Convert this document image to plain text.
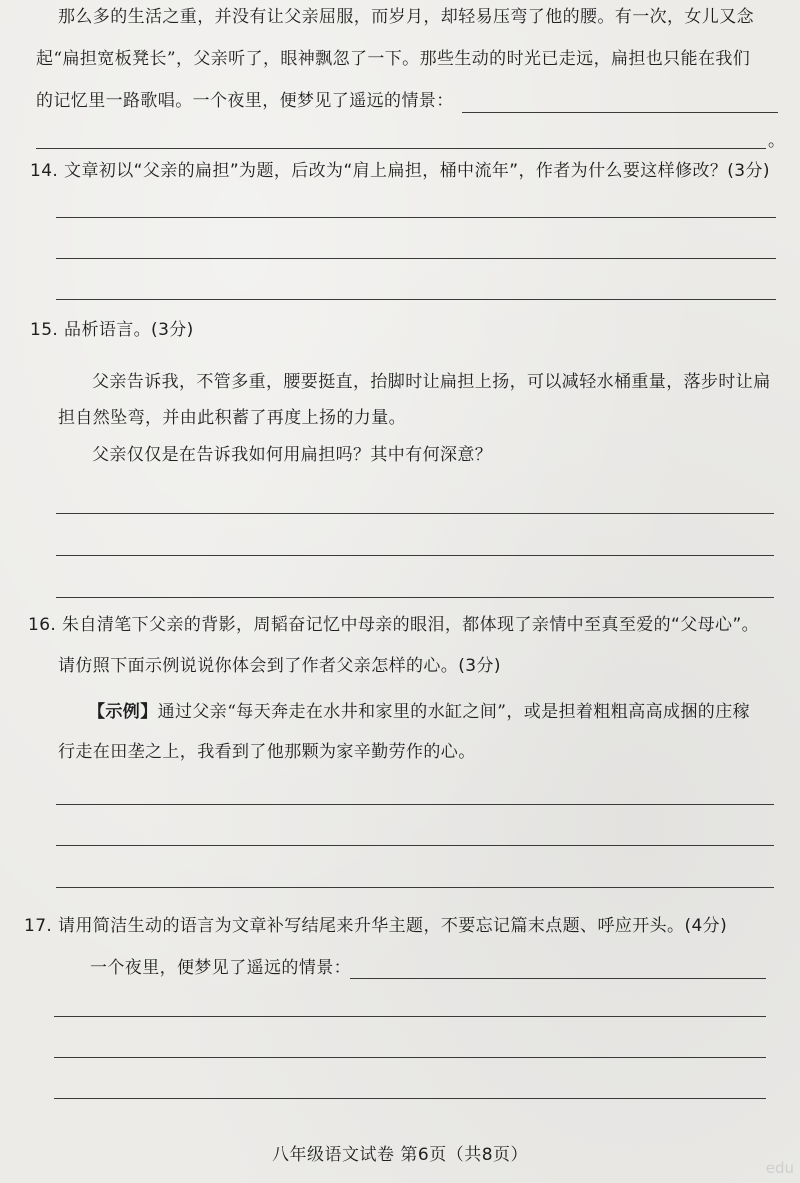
那么多的生活之重，并没有让父亲屈服，而岁月，却轻易压弯了他的腰。有一次，女儿又念
起“扁担宽板凳长”，父亲听了，眼神飘忽了一下。那些生动的时光已走远，扁担也只能在我们
的记忆里一路歌唱。一个夜里，便梦见了遥远的情景：
。
14. 文章初以“父亲的扁担”为题，后改为“肩上扁担，桶中流年”，作者为什么要这样修改？(3分)
15. 品析语言。(3分)
父亲告诉我，不管多重，腰要挺直，抬脚时让扁担上扬，可以减轻水桶重量，落步时让扁
担自然坠弯，并由此积蓄了再度上扬的力量。
父亲仅仅是在告诉我如何用扁担吗？其中有何深意？
16. 朱自清笔下父亲的背影，周韬奋记忆中母亲的眼泪，都体现了亲情中至真至爱的“父母心”。
请仿照下面示例说说你体会到了作者父亲怎样的心。(3分)
【示例】通过父亲“每天奔走在水井和家里的水缸之间”，或是担着粗粗高高成捆的庄稼
行走在田垄之上，我看到了他那颗为家辛勤劳作的心。
17. 请用简洁生动的语言为文章补写结尾来升华主题，不要忘记篇末点题、呼应开头。(4分)
一个夜里，便梦见了遥远的情景：
八年级语文试卷 第6页（共8页）
edu
